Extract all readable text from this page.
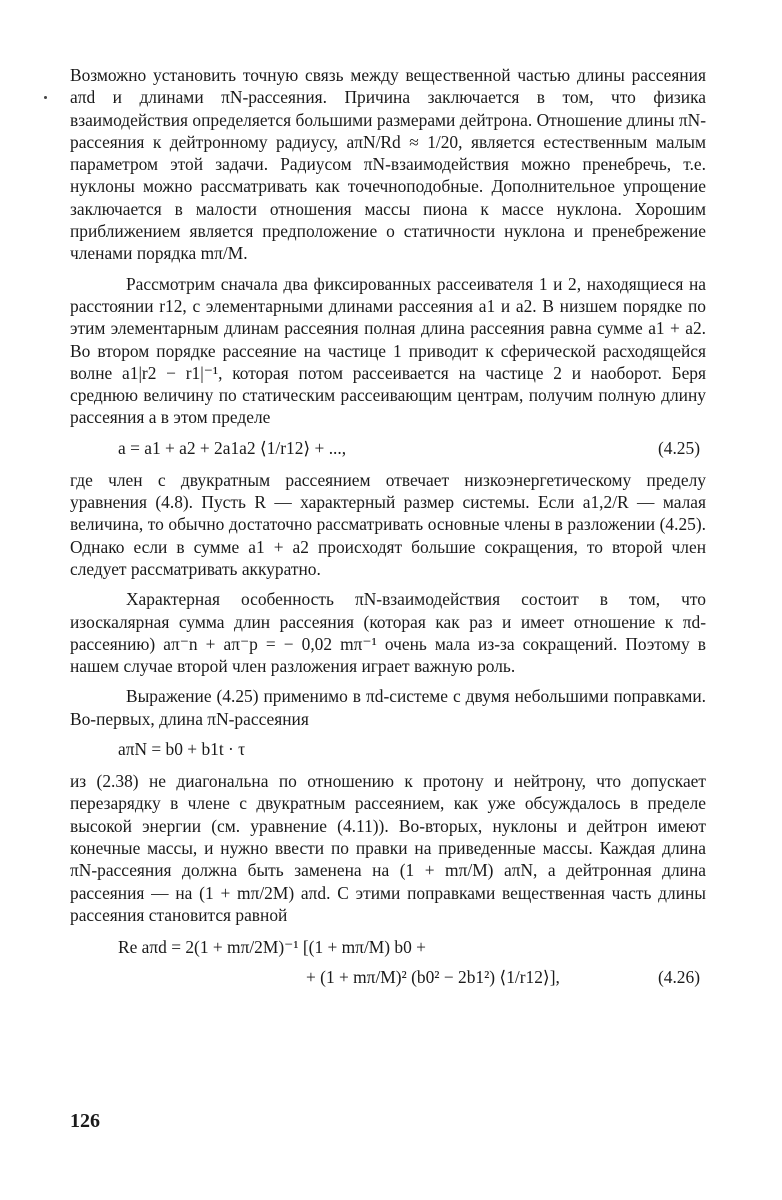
Возможно установить точную связь между вещественной частью длины рассеяния aπd и длинами πN-рассеяния. Причина заключается в том, что физика взаимодействия определяется большими размерами дейтрона. Отношение длины πN-рассеяния к дейтронному радиусу, aπN/Rd ≈ 1/20, является естественным малым параметром этой задачи. Радиусом πN-взаимодействия можно пренебречь, т.е. нуклоны можно рассматривать как точечноподобные. Дополнительное упрощение заключается в малости отношения массы пиона к массе нуклона. Хорошим приближением является предположение о статичности нуклона и пренебрежение членами порядка mπ/M.

Рассмотрим сначала два фиксированных рассеивателя 1 и 2, находящиеся на расстоянии r12, с элементарными длинами рассеяния a1 и a2. В низшем порядке по этим элементарным длинам рассеяния полная длина рассеяния равна сумме a1 + a2. Во втором порядке рассеяние на частице 1 приводит к сферической расходящейся волне a1|r2 − r1|⁻¹, которая потом рассеивается на частице 2 и наоборот. Беря среднюю величину по статическим рассеивающим центрам, получим полную длину рассеяния a в этом пределе

a = a1 + a2 + 2a1a2 ⟨1/r12⟩ + ...,	(4.25)

где член с двукратным рассеянием отвечает низкоэнергетическому пределу уравнения (4.8). Пусть R — характерный размер системы. Если a1,2/R — малая величина, то обычно достаточно рассматривать основные члены в разложении (4.25). Однако если в сумме a1 + a2 происходят большие сокращения, то второй член следует рассматривать аккуратно.

Характерная особенность πN-взаимодействия состоит в том, что изоскалярная сумма длин рассеяния (которая как раз и имеет отношение к πd-рассеянию) aπ⁻n + aπ⁻p = − 0,02 mπ⁻¹ очень мала из-за сокращений. Поэтому в нашем случае второй член разложения играет важную роль.

Выражение (4.25) применимо в πd-системе с двумя небольшими поправками. Во-первых, длина πN-рассеяния

aπN = b0 + b1t · τ

из (2.38) не диагональна по отношению к протону и нейтрону, что допускает перезарядку в члене с двукратным рассеянием, как уже обсуждалось в пределе высокой энергии (см. уравнение (4.11)). Во-вторых, нуклоны и дейтрон имеют конечные массы, и нужно ввести по правки на приведенные массы. Каждая длина πN-рассеяния должна быть заменена на (1 + mπ/M) aπN, а дейтронная длина рассеяния — на (1 + mπ/2M) aπd. С этими поправками вещественная часть длины рассеяния становится равной

Re aπd = 2(1 + mπ/2M)⁻¹ [(1 + mπ/M) b0 +
+ (1 + mπ/M)² (b0² − 2b1²) ⟨1/r12⟩],	(4.26)
126
